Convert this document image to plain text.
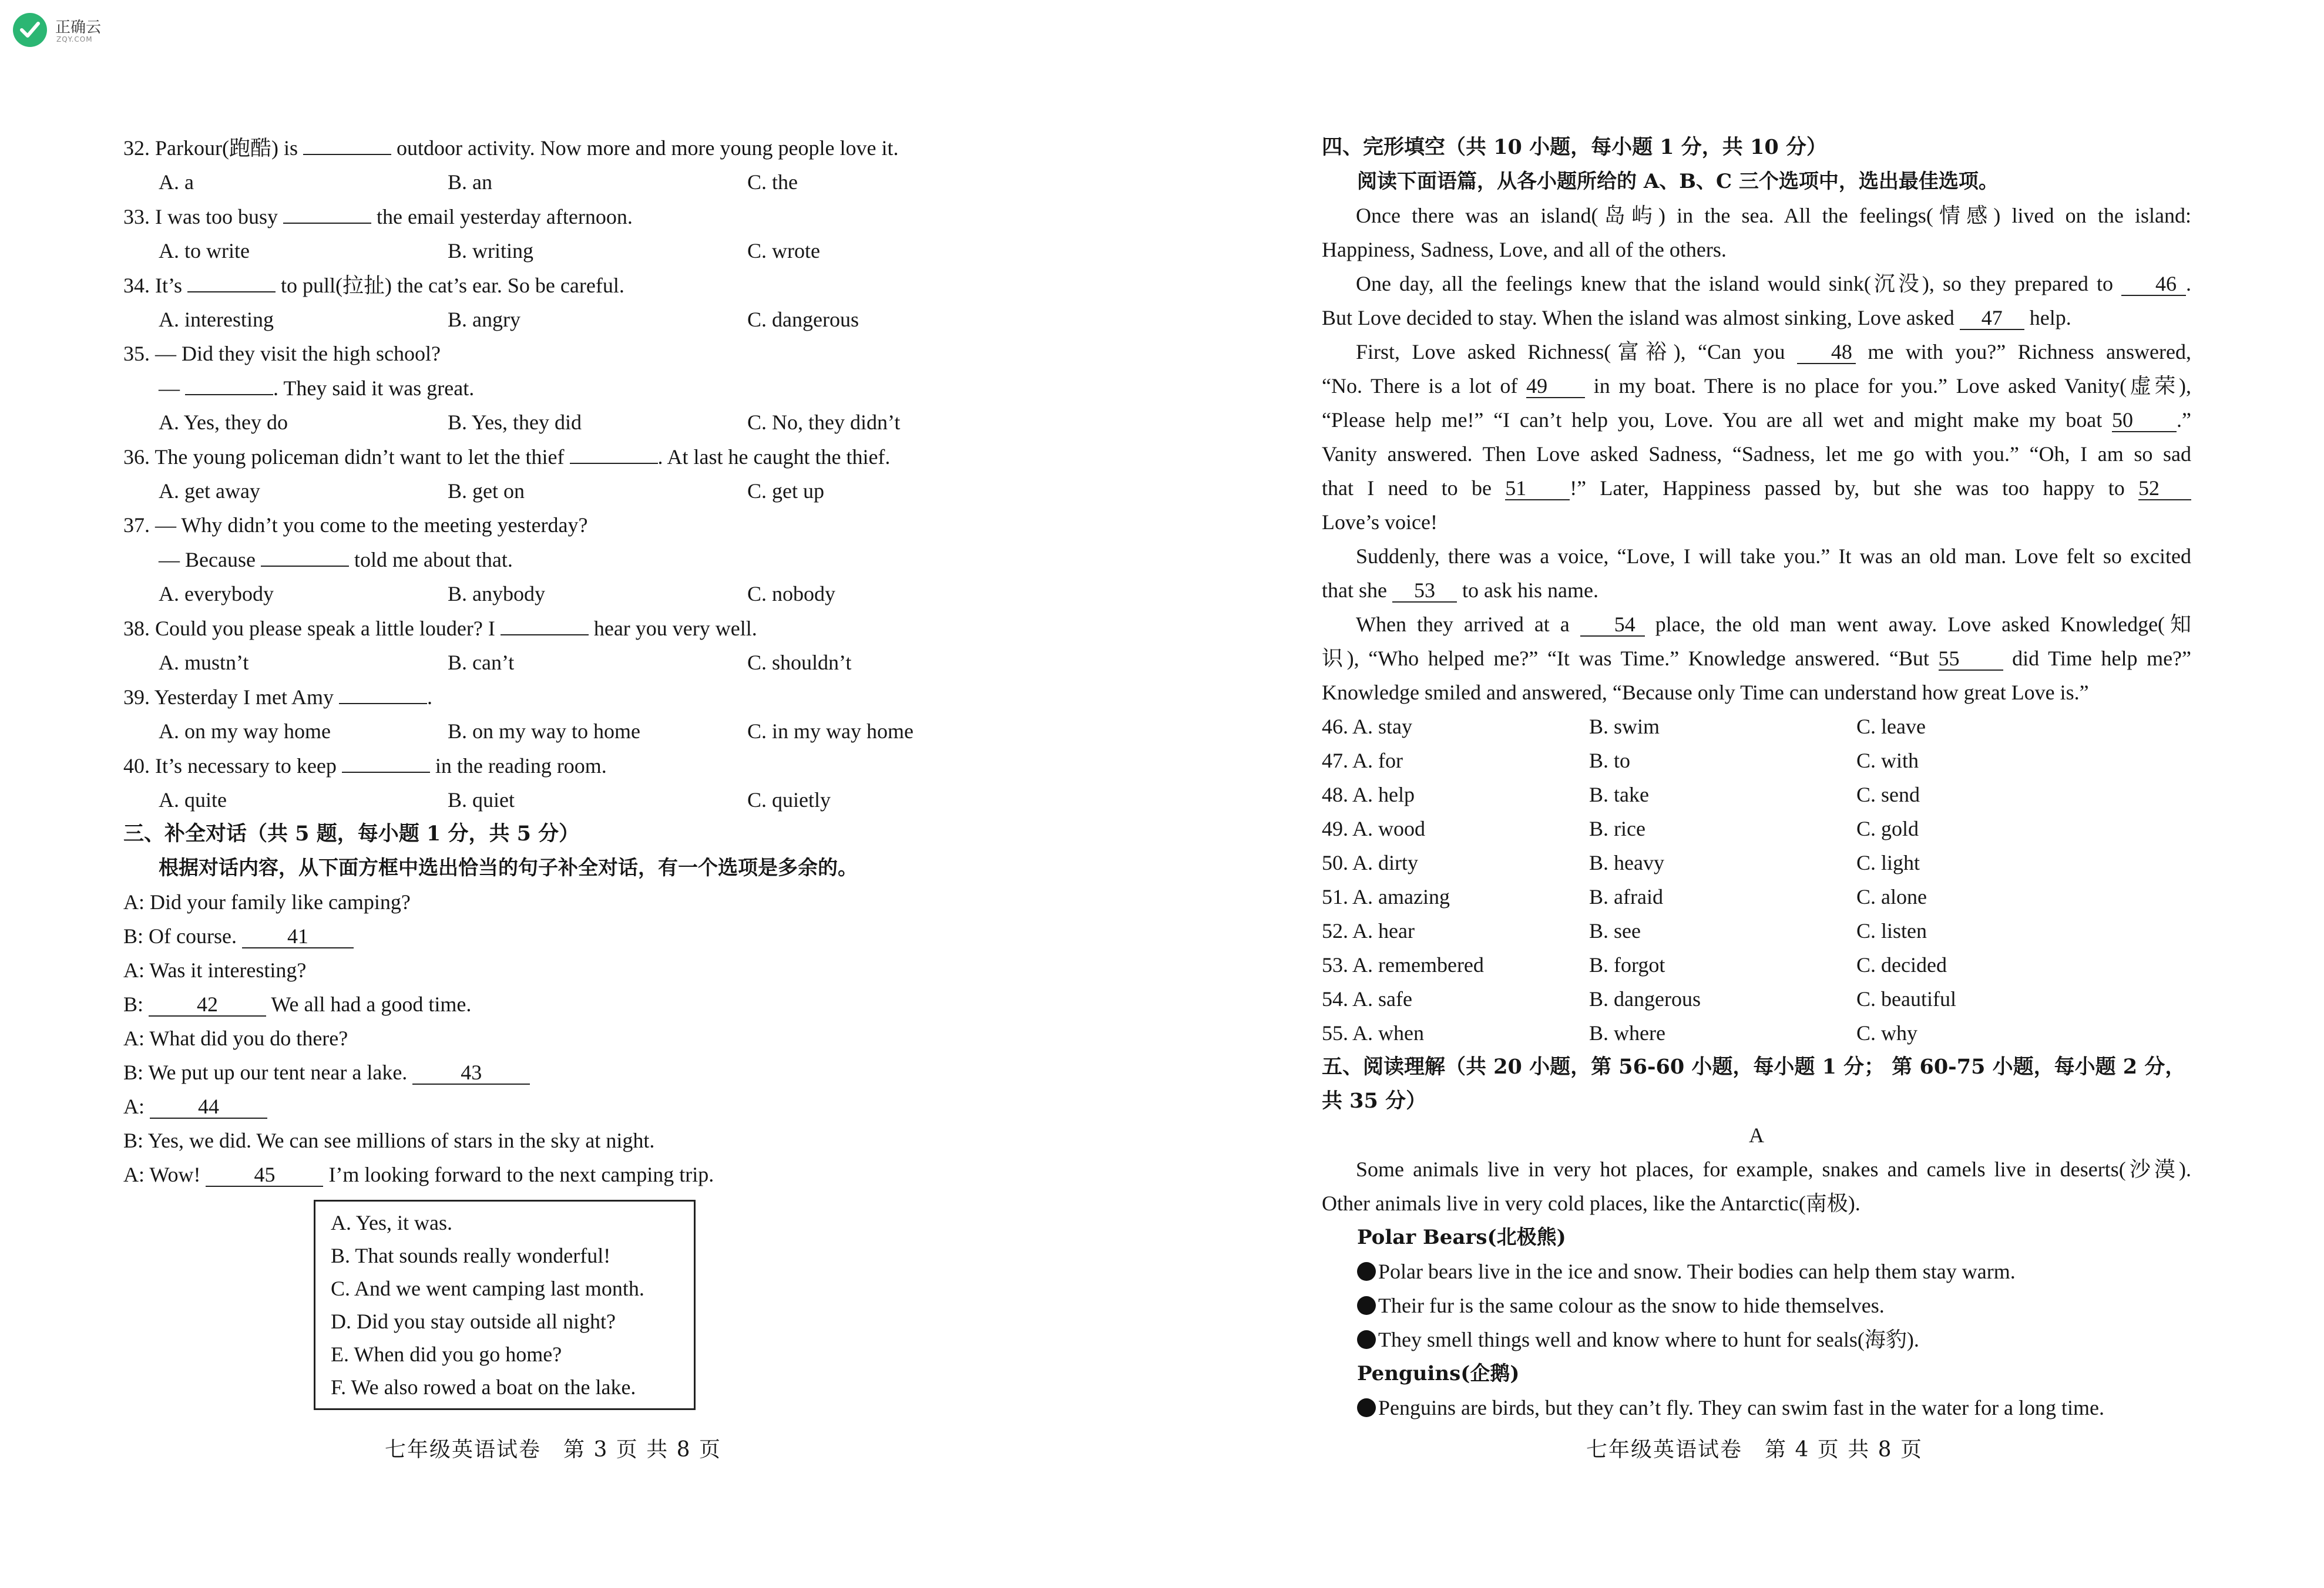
正确云
ZQY.COM
32. Parkour(跑酷) is	outdoor activity. Now more and more young people love it.
A. a	B. an	C. the
33. I was too busy	the email yesterday afternoon.
A. to write	B. writing	C. wrote
34. It’s	to pull(拉扯) the cat’s ear. So be careful.
A. interesting	B. angry	C. dangerous
35. — Did they visit the high school?
—	. They said it was great.
A. Yes, they do	B. Yes, they did	C. No, they didn’t
36. The young policeman didn’t want to let the thief	. At last he caught the thief.
A. get away	B. get on	C. get up
37. — Why didn’t you come to the meeting yesterday?
— Because	told me about that.
A. everybody	B. anybody	C. nobody
38. Could you please speak a little louder? I	hear you very well.
A. mustn’t	B. can’t	C. shouldn’t
39. Yesterday I met Amy	.
A. on my way home	B. on my way to home	C. in my way home
40. It’s necessary to keep	in the reading room.
A. quite	B. quiet	C. quietly
三、补全对话（共 5 题，每小题 1 分，共 5 分）
根据对话内容，从下面方框中选出恰当的句子补全对话，有一个选项是多余的。
A: Did your family like camping?
B: Of course. 41
A: Was it interesting?
B:	42	We all had a good time.
A: What did you do there?
B: We put up our tent near a lake.	43
A:	44
B: Yes, we did. We can see millions of stars in the sky at night.
A: Wow!	45	I’m looking forward to the next camping trip.
A. Yes, it was.
B. That sounds really wonderful!
C. And we went camping last month.
D. Did you stay outside all night?
E. When did you go home?
F. We also rowed a boat on the lake.
七年级英语试卷　第 3 页 共 8 页
四、完形填空（共 10 小题，每小题 1 分，共 10 分）
阅读下面语篇，从各小题所给的 A、B、C 三个选项中，选出最佳选项。
Once there was an island(岛屿) in the sea. All the feelings(情感) lived on the island:
Happiness, Sadness, Love, and all of the others.
One day, all the feelings knew that the island would sink(沉没), so they prepared to 46 .
But Love decided to stay. When the island was almost sinking, Love asked 47 help.
First, Love asked Richness(富裕), “Can you 48 me with you?” Richness answered,
“No. There is a lot of 49 in my boat. There is no place for you.” Love asked Vanity(虚荣),
“Please help me!” “I can’t help you, Love. You are all wet and might make my boat 50 .”
Vanity answered. Then Love asked Sadness, “Sadness, let me go with you.” “Oh, I am so sad
that I need to be 51 !” Later, Happiness passed by, but she was too happy to 52
Love’s voice!
Suddenly, there was a voice, “Love, I will take you.” It was an old man. Love felt so excited
that she 53 to ask his name.
When they arrived at a 54 place, the old man went away. Love asked Knowledge(知
识), “Who helped me?” “It was Time.” Knowledge answered. “But 55 did Time help me?”
Knowledge smiled and answered, “Because only Time can understand how great Love is.”
46. A. stay	B. swim	C. leave
47. A. for	B. to	C. with
48. A. help	B. take	C. send
49. A. wood	B. rice	C. gold
50. A. dirty	B. heavy	C. light
51. A. amazing	B. afraid	C. alone
52. A. hear	B. see	C. listen
53. A. remembered	B. forgot	C. decided
54. A. safe	B. dangerous	C. beautiful
55. A. when	B. where	C. why
五、阅读理解（共 20 小题，第 56-60 小题，每小题 1 分； 第 60-75 小题，每小题 2 分，
共 35 分）
A
Some animals live in very hot places, for example, snakes and camels live in deserts(沙漠).
Other animals live in very cold places, like the Antarctic(南极).
Polar Bears(北极熊)
Polar bears live in the ice and snow. Their bodies can help them stay warm.
Their fur is the same colour as the snow to hide themselves.
They smell things well and know where to hunt for seals(海豹).
Penguins(企鹅)
Penguins are birds, but they can’t fly. They can swim fast in the water for a long time.
七年级英语试卷　第 4 页 共 8 页
